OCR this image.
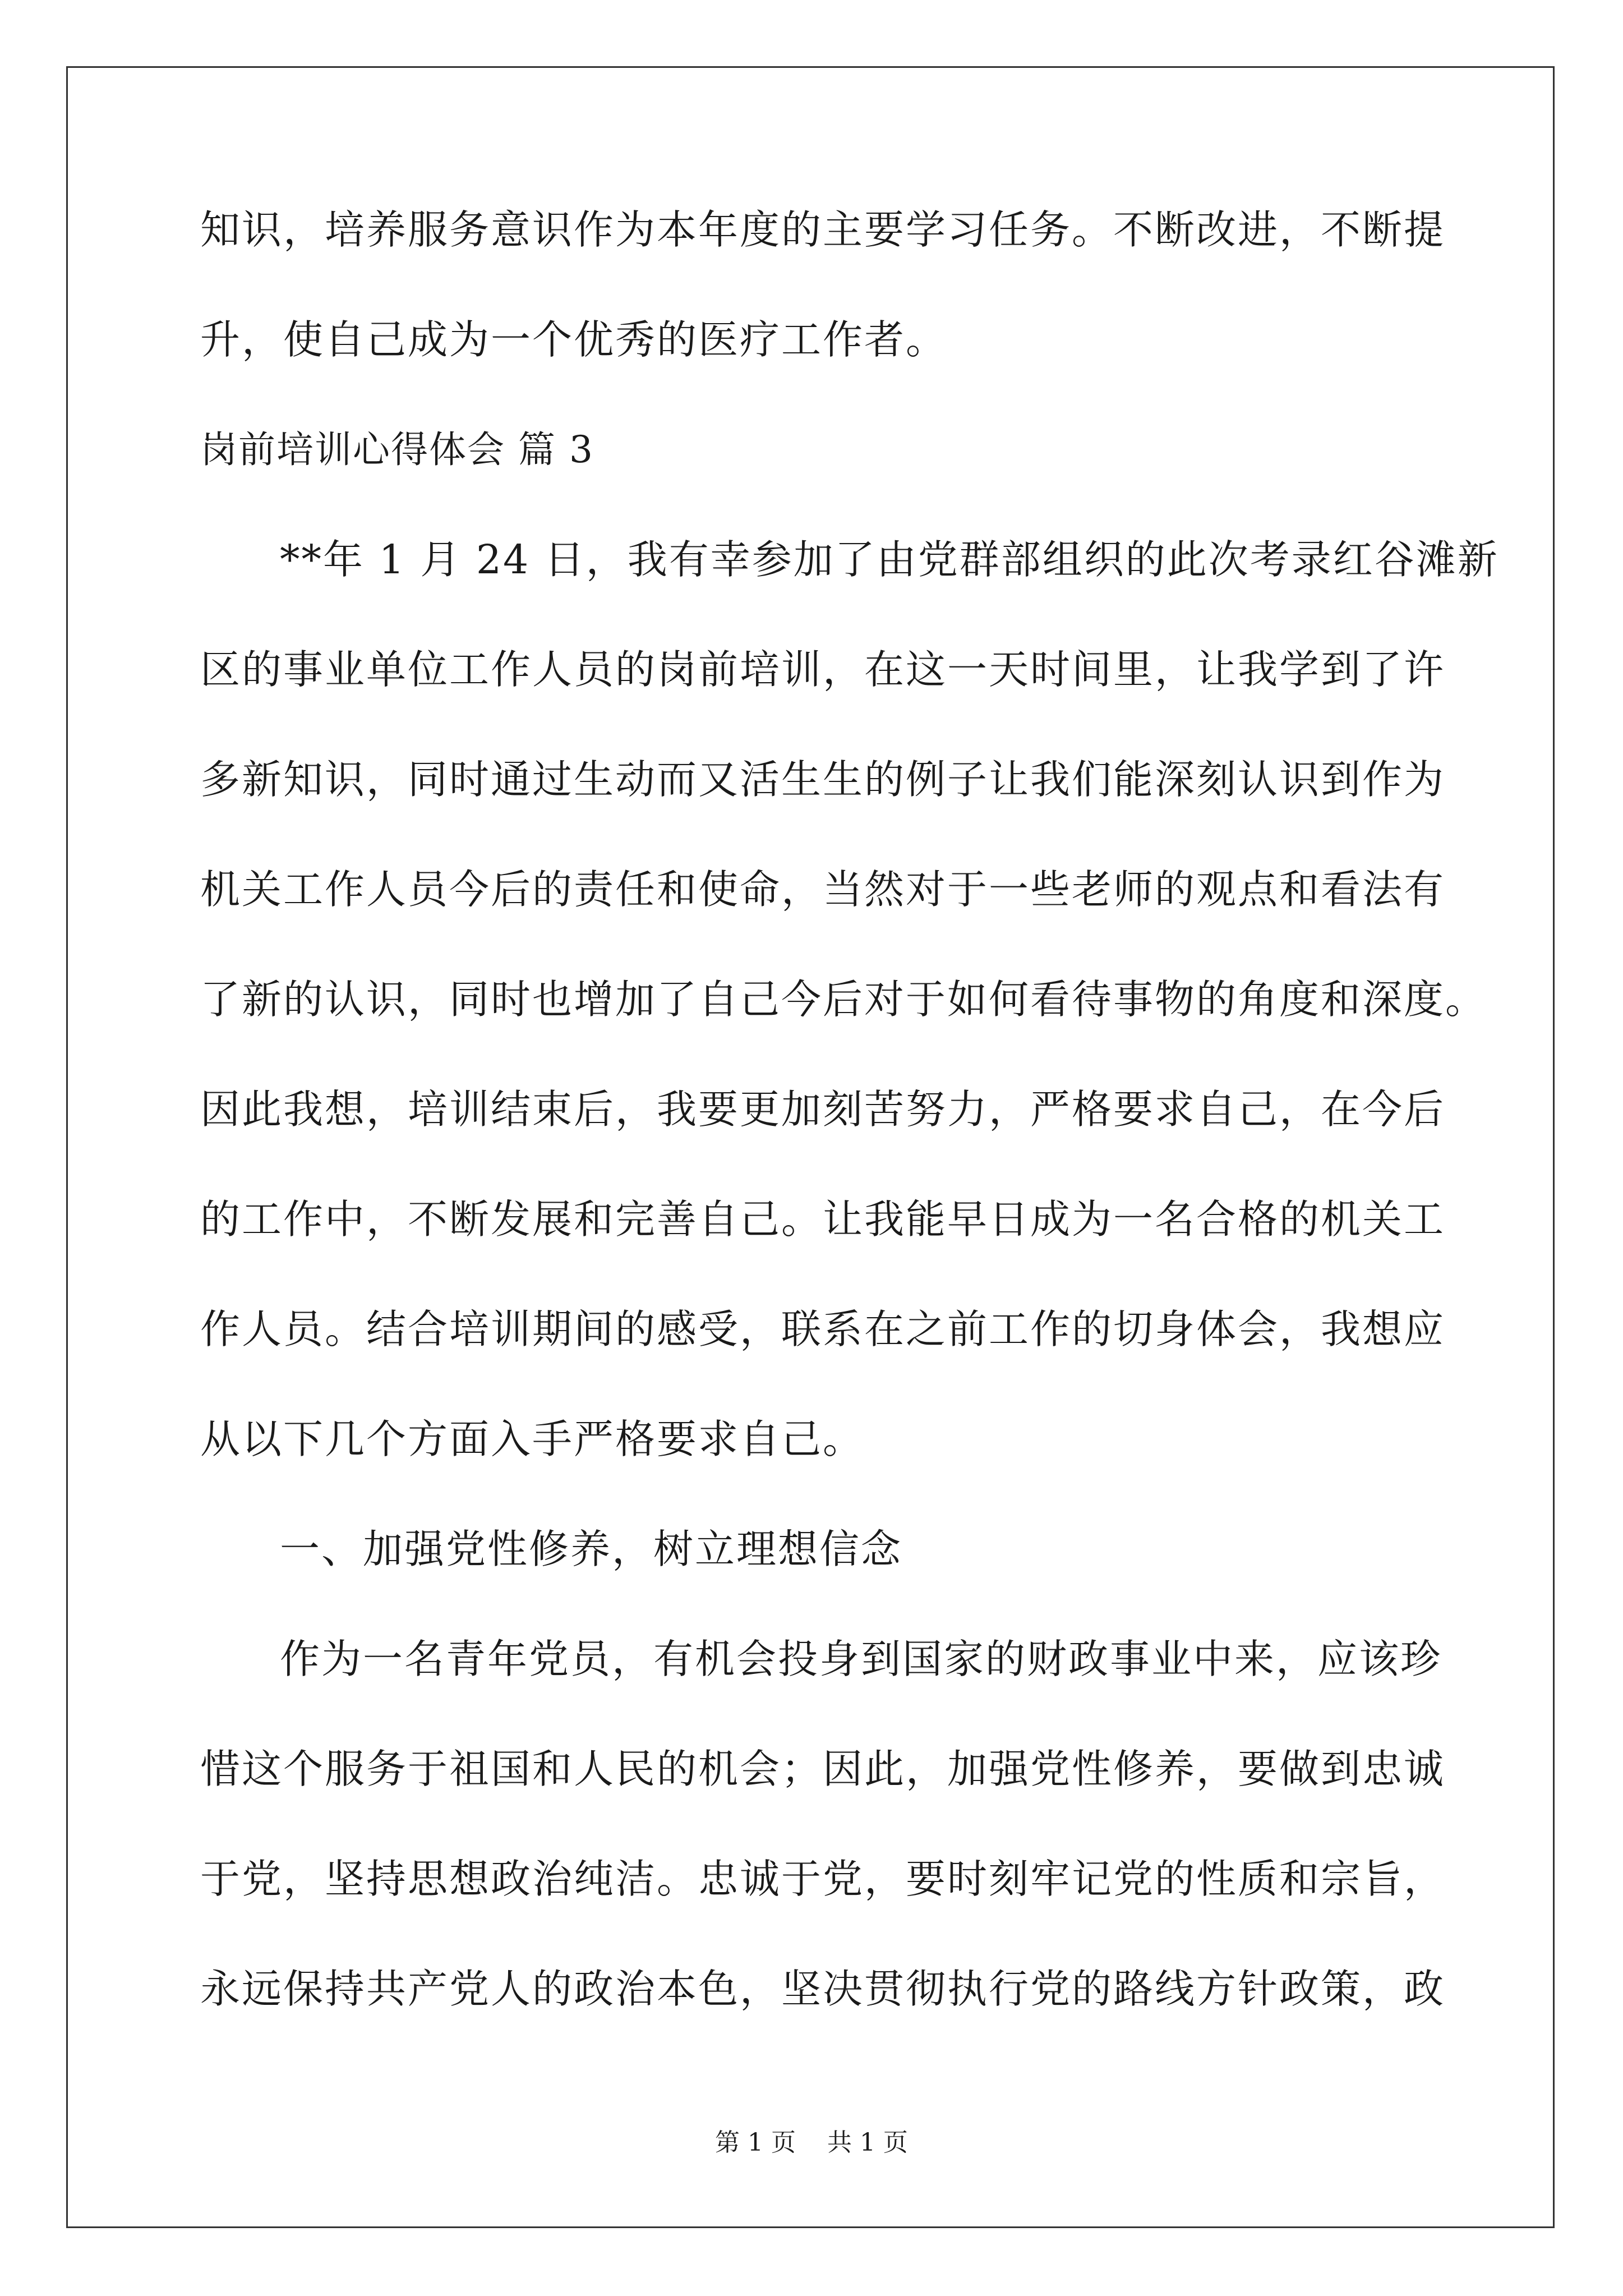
知识，培养服务意识作为本年度的主要学习任务。不断改进，不断提
升，使自己成为一个优秀的医疗工作者。
岗前培训心得体会 篇 3
**年 1 月 24 日，我有幸参加了由党群部组织的此次考录红谷滩新
区的事业单位工作人员的岗前培训，在这一天时间里，让我学到了许
多新知识，同时通过生动而又活生生的例子让我们能深刻认识到作为
机关工作人员今后的责任和使命，当然对于一些老师的观点和看法有
了新的认识，同时也增加了自己今后对于如何看待事物的角度和深度。
因此我想，培训结束后，我要更加刻苦努力，严格要求自己，在今后
的工作中，不断发展和完善自己。让我能早日成为一名合格的机关工
作人员。结合培训期间的感受，联系在之前工作的切身体会，我想应
从以下几个方面入手严格要求自己。
一、加强党性修养，树立理想信念
作为一名青年党员，有机会投身到国家的财政事业中来，应该珍
惜这个服务于祖国和人民的机会；因此，加强党性修养，要做到忠诚
于党，坚持思想政治纯洁。忠诚于党，要时刻牢记党的性质和宗旨，
永远保持共产党人的政治本色，坚决贯彻执行党的路线方针政策，政
第 1 页    共 1 页
